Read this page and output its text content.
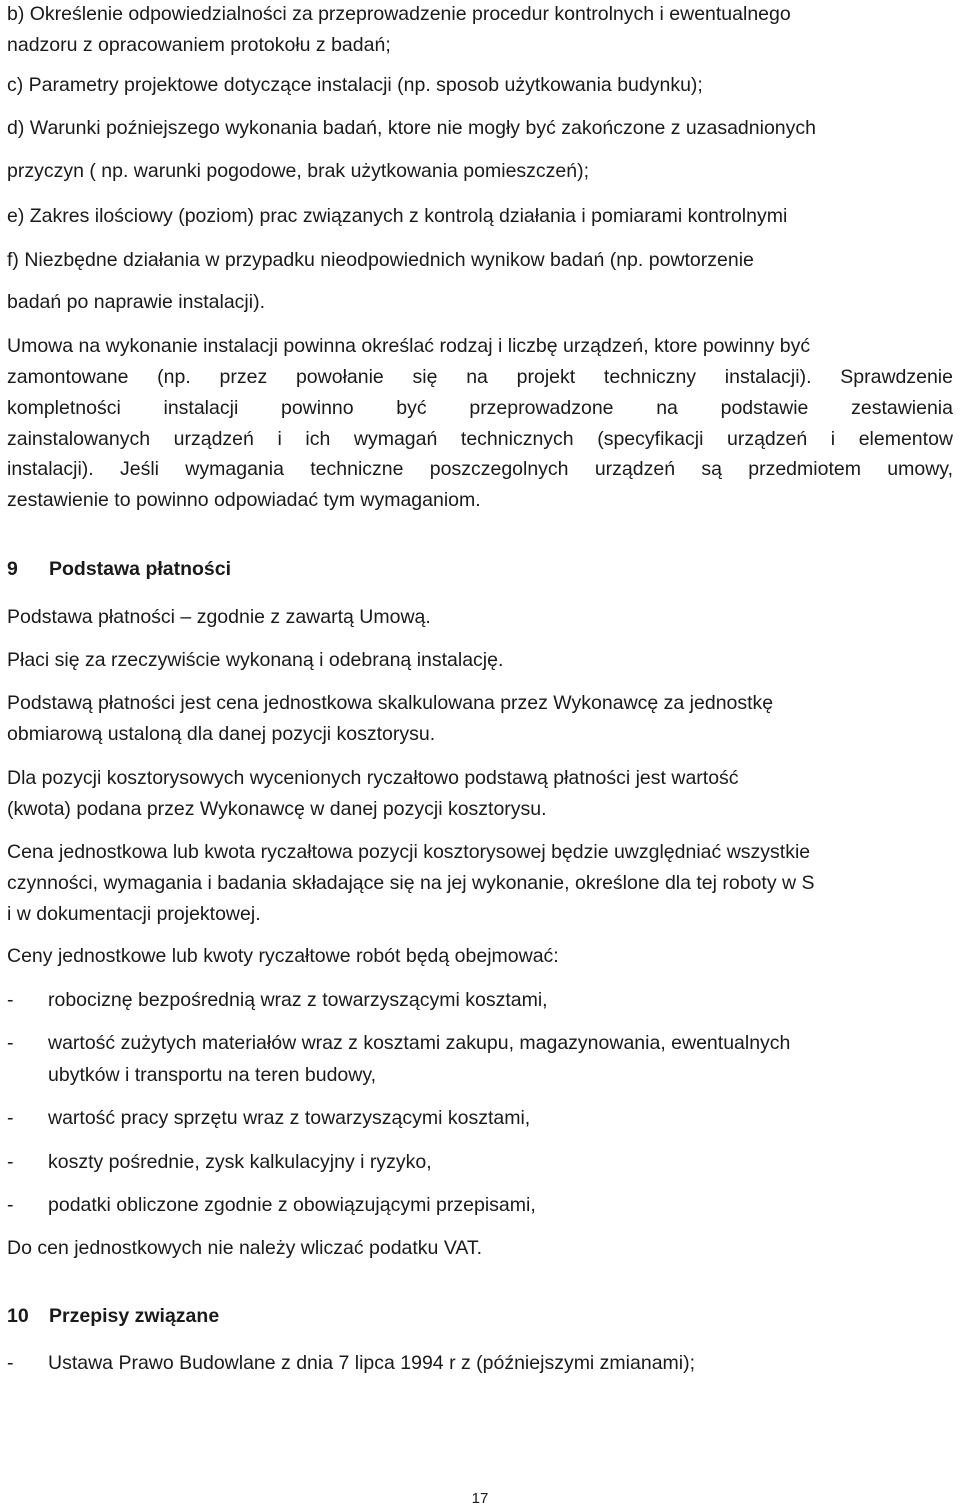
b) Określenie odpowiedzialności za przeprowadzenie procedur kontrolnych i ewentualnego
nadzoru z opracowaniem protokołu z badań;
c) Parametry projektowe dotyczące instalacji (np. sposob użytkowania budynku);
d) Warunki poźniejszego wykonania badań, ktore nie mogły być zakończone z uzasadnionych
przyczyn ( np. warunki pogodowe, brak użytkowania pomieszczeń);
e) Zakres ilościowy (poziom) prac związanych z kontrolą działania i pomiarami kontrolnymi
f) Niezbędne działania w przypadku nieodpowiednich wynikow badań (np. powtorzenie
badań po naprawie instalacji).
Umowa na wykonanie instalacji powinna określać rodzaj i liczbę urządzeń, ktore powinny być
zamontowane (np. przez powołanie się na projekt techniczny instalacji). Sprawdzenie
kompletności instalacji powinno być przeprowadzone na podstawie zestawienia
zainstalowanych urządzeń i ich wymagań technicznych (specyfikacji urządzeń i elementow
instalacji). Jeśli wymagania techniczne poszczegolnych urządzeń są przedmiotem umowy,
zestawienie to powinno odpowiadać tym wymaganiom.
9 Podstawa płatności
Podstawa płatności – zgodnie z zawartą Umową.
Płaci się za rzeczywiście wykonaną i odebraną instalację.
Podstawą płatności jest cena jednostkowa skalkulowana przez Wykonawcę za jednostkę
obmiarową ustaloną dla danej pozycji kosztorysu.
Dla pozycji kosztorysowych wycenionych ryczałtowo podstawą płatności jest wartość
(kwota) podana przez Wykonawcę w danej pozycji kosztorysu.
Cena jednostkowa lub kwota ryczałtowa pozycji kosztorysowej będzie uwzględniać wszystkie
czynności, wymagania i badania składające się na jej wykonanie, określone dla tej roboty w S
i w dokumentacji projektowej.
Ceny jednostkowe lub kwoty ryczałtowe robót będą obejmować:
- robociznę bezpośrednią wraz z towarzyszącymi kosztami,
- wartość zużytych materiałów wraz z kosztami zakupu, magazynowania, ewentualnych
ubytków i transportu na teren budowy,
- wartość pracy sprzętu wraz z towarzyszącymi kosztami,
- koszty pośrednie, zysk kalkulacyjny i ryzyko,
- podatki obliczone zgodnie z obowiązującymi przepisami,
Do cen jednostkowych nie należy wliczać podatku VAT.
10 Przepisy związane
- Ustawa Prawo Budowlane z dnia 7 lipca 1994 r z (późniejszymi zmianami);
17
